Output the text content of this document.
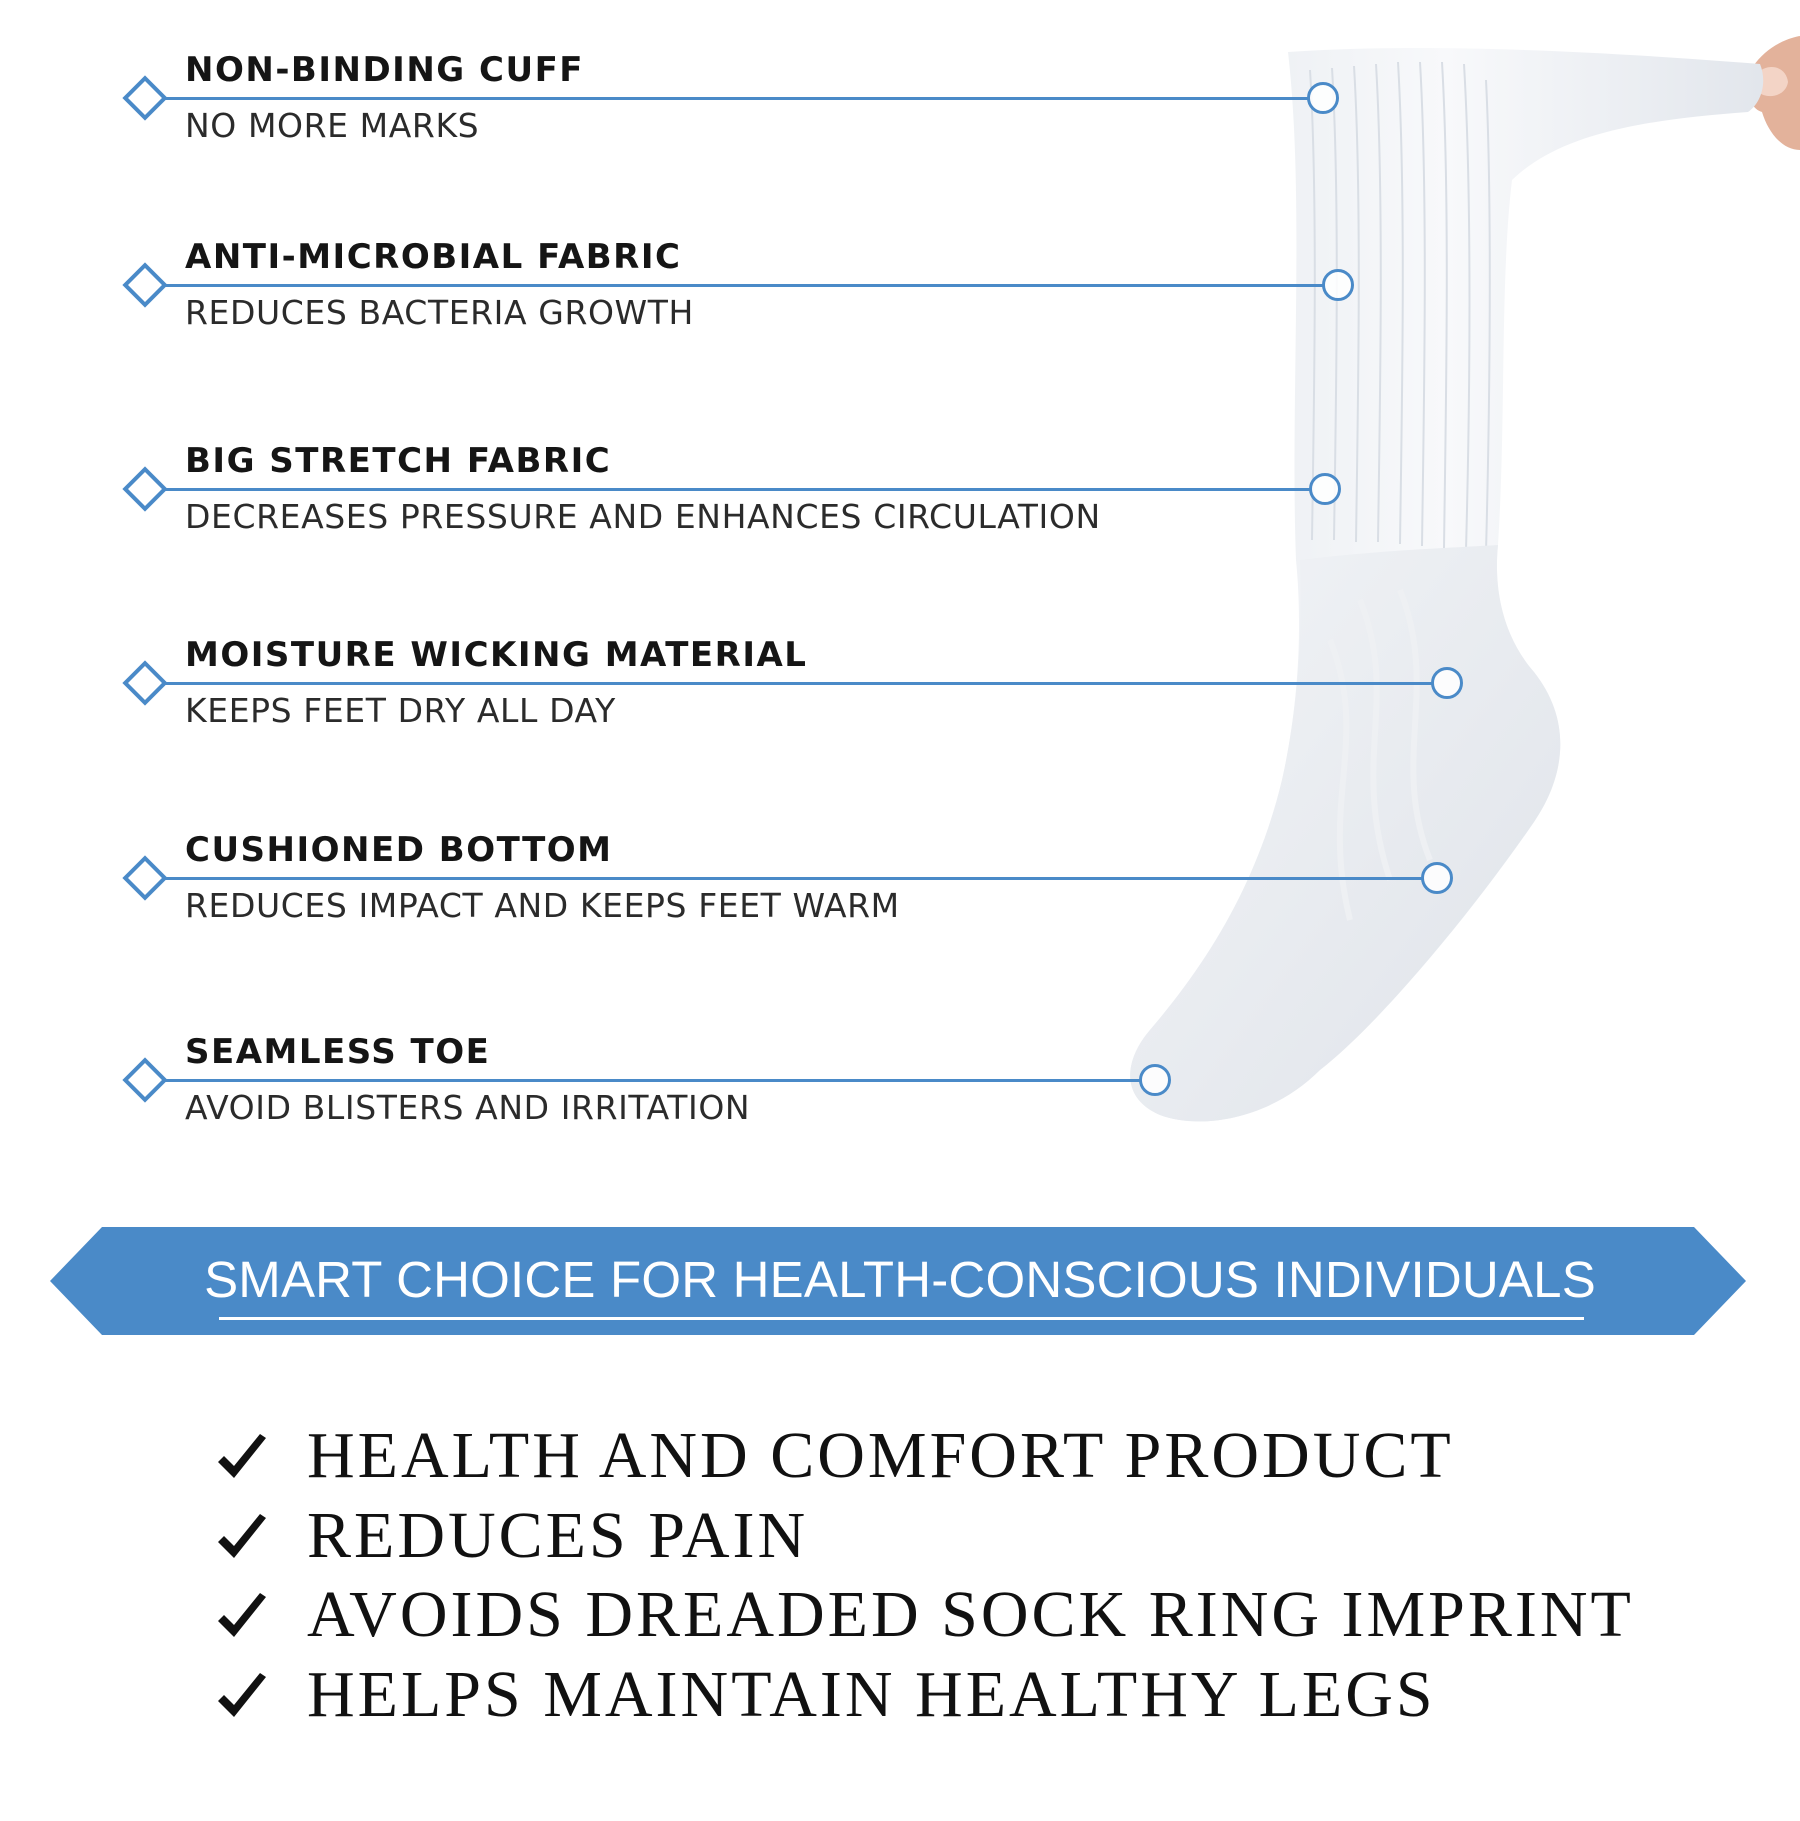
NON-BINDING CUFF
NO MORE MARKS
ANTI-MICROBIAL FABRIC
REDUCES BACTERIA GROWTH
BIG STRETCH FABRIC
DECREASES PRESSURE AND ENHANCES CIRCULATION
MOISTURE WICKING MATERIAL
KEEPS FEET DRY ALL DAY
CUSHIONED BOTTOM
REDUCES IMPACT AND KEEPS FEET WARM
SEAMLESS TOE
AVOID BLISTERS AND IRRITATION
SMART CHOICE FOR HEALTH-CONSCIOUS INDIVIDUALS
HEALTH AND COMFORT PRODUCT
REDUCES PAIN
AVOIDS DREADED SOCK RING IMPRINT
HELPS MAINTAIN HEALTHY LEGS
